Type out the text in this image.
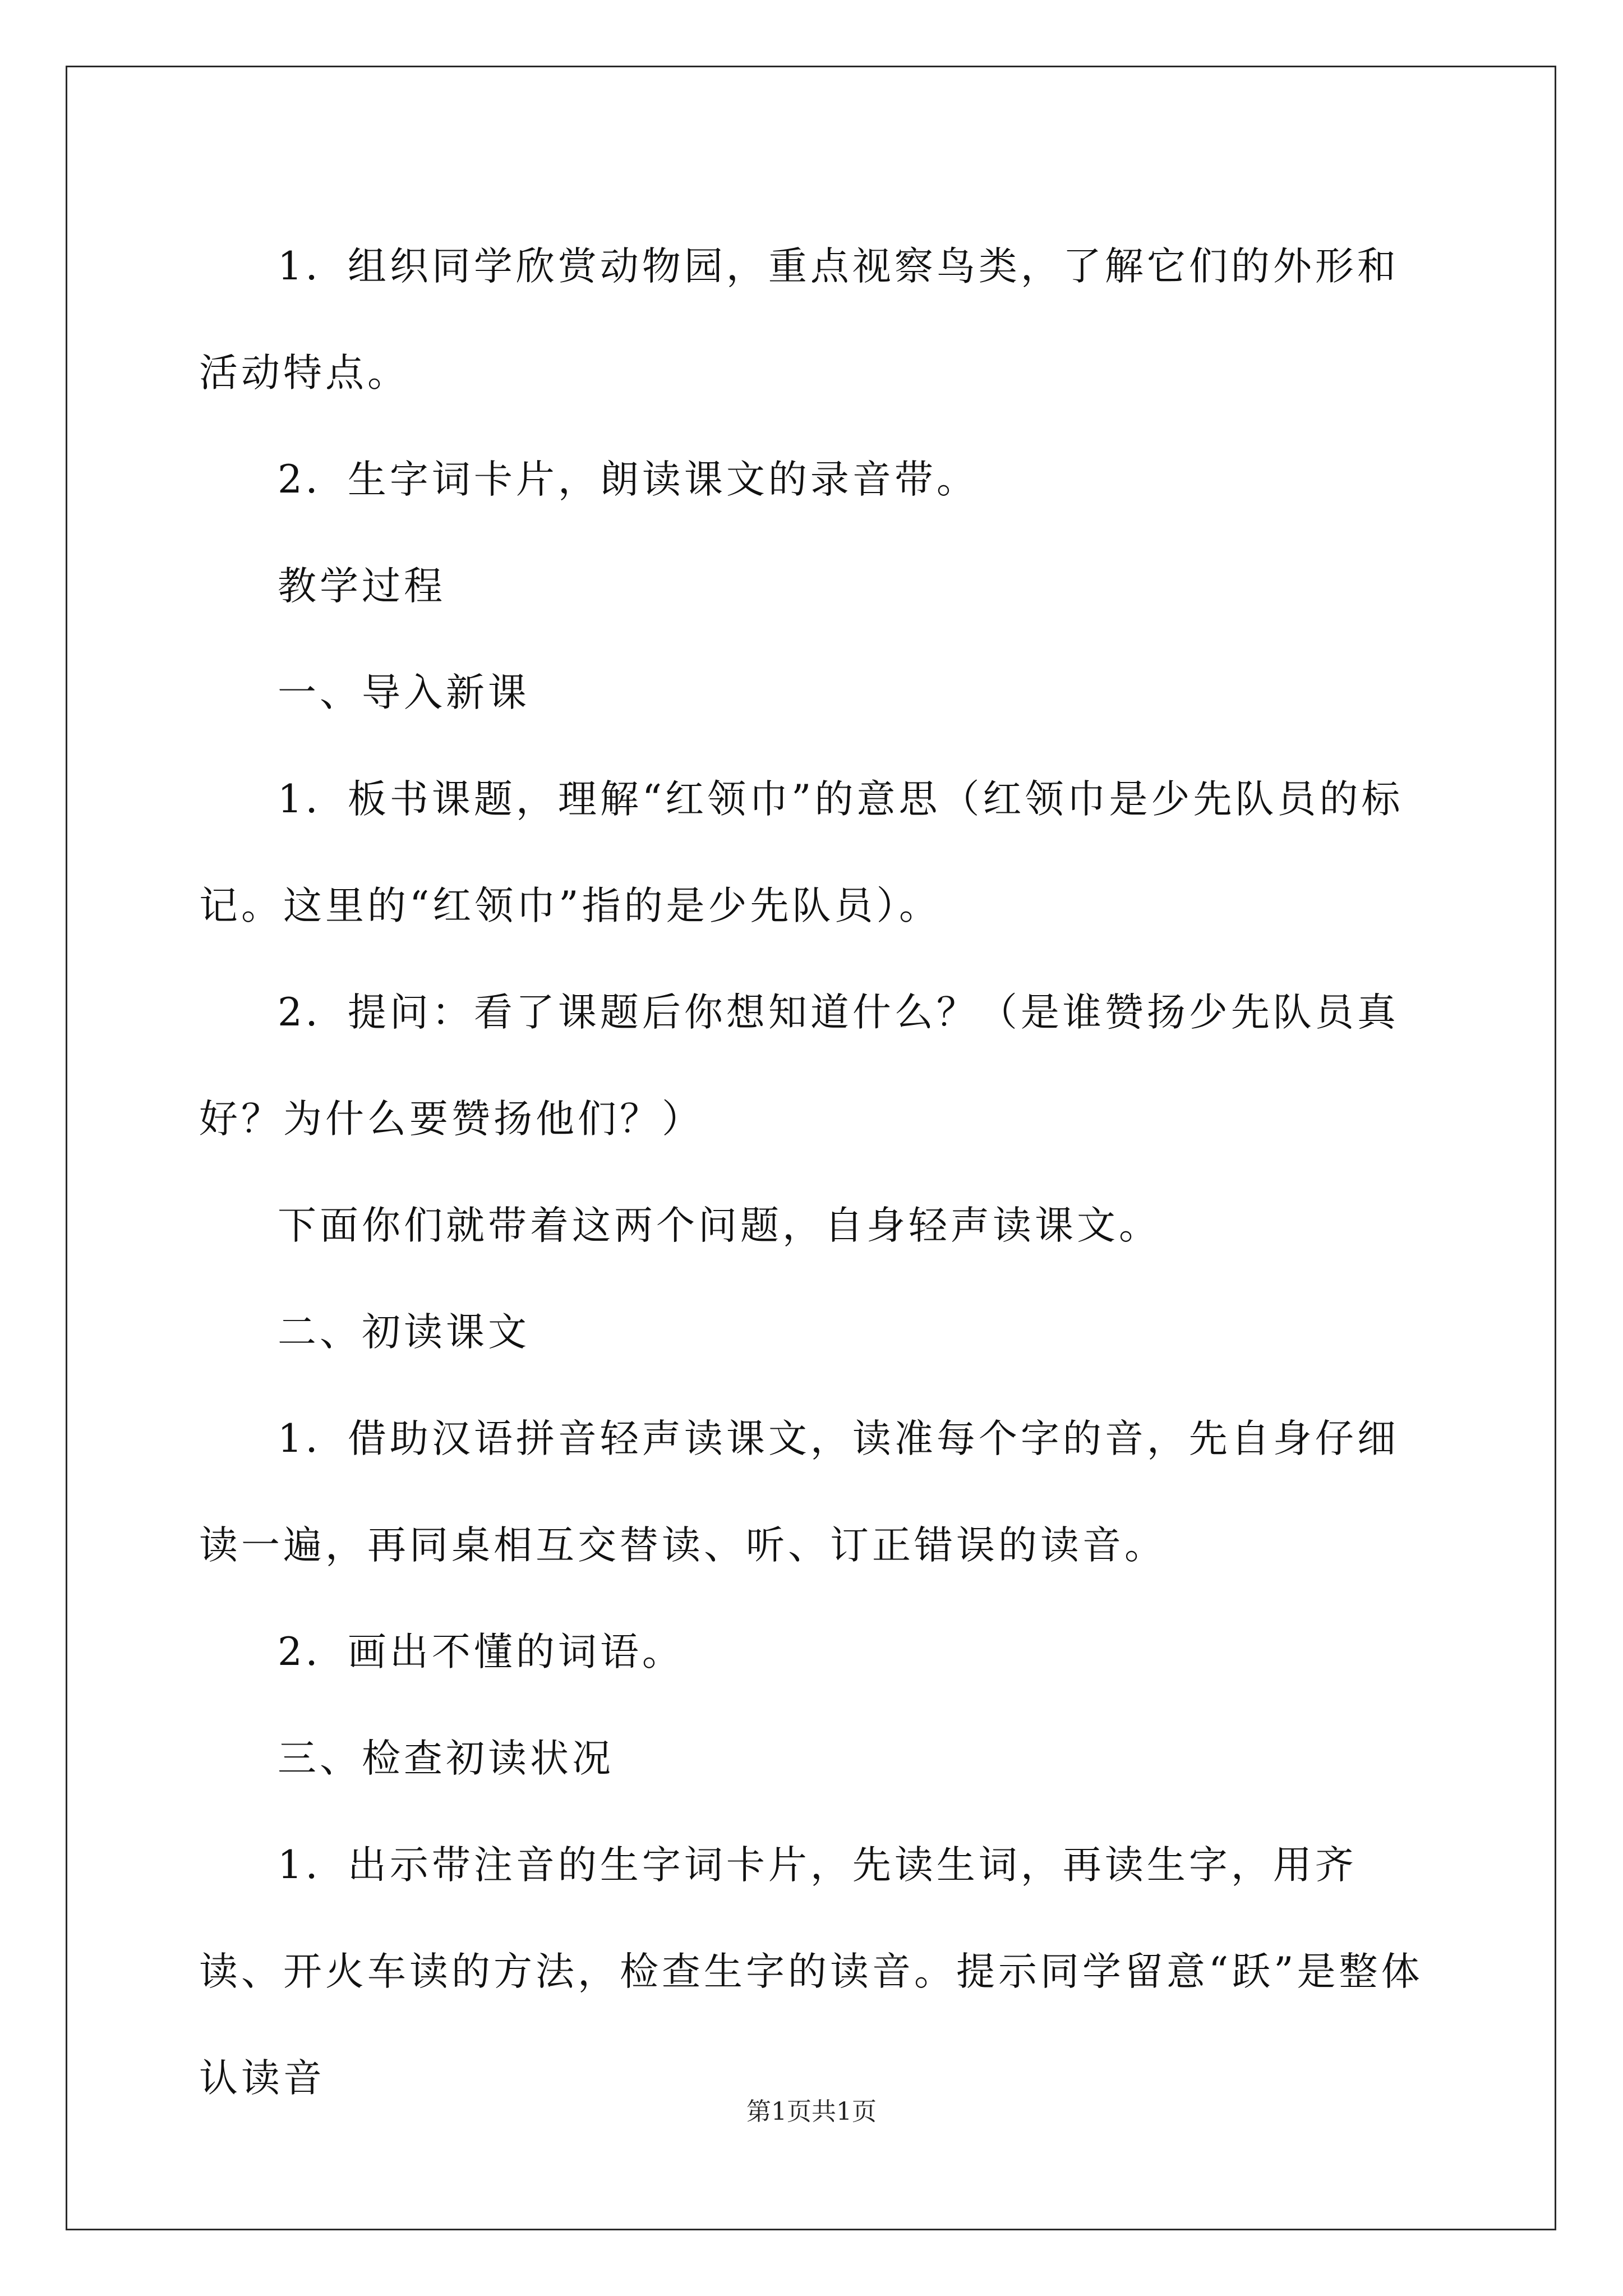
1．组织同学欣赏动物园，重点视察鸟类，了解它们的外形和活动特点。

2．生字词卡片，朗读课文的录音带。

教学过程

一、导入新课

1．板书课题，理解“红领巾”的意思（红领巾是少先队员的标记。这里的“红领巾”指的是少先队员）。

2．提问：看了课题后你想知道什么？（是谁赞扬少先队员真好？为什么要赞扬他们？）

下面你们就带着这两个问题，自身轻声读课文。

二、初读课文

1．借助汉语拼音轻声读课文，读准每个字的音，先自身仔细读一遍，再同桌相互交替读、听、订正错误的读音。

2．画出不懂的词语。

三、检查初读状况

1．出示带注音的生字词卡片，先读生词，再读生字，用齐读、开火车读的方法，检查生字的读音。提示同学留意“跃”是整体认读音

第1页共1页
